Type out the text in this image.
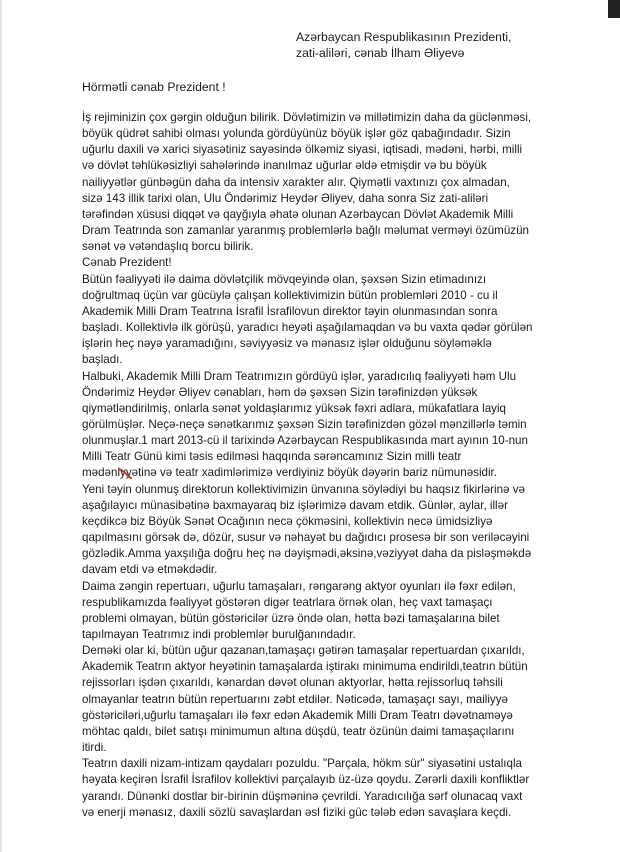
Azərbaycan Respublikasının Prezidenti,
zati-aliləri, cənab İlham Əliyevə
Hörmətli cənab Prezident !
İş rejiminizin çox gərgin olduğun bilirik. Dövlətimizin və millətimizin daha da güclənməsi,
böyük qüdrət sahibi olması yolunda gördüyünüz böyük işlər göz qabağındadır. Sizin
uğurlu daxili və xarici siyasətiniz sayəsində ölkəmiz siyasi, iqtisadi, mədəni, hərbi, milli
və dövlət təhlükəsizliyi sahələrində inanılmaz uğurlar əldə etmişdir və bu böyük
nailiyyətlər günbəgün daha da intensiv xarakter alır. Qiymətli vaxtınızı çox almadan,
sizə 143 illik tarixi olan, Ulu Öndərimiz Heydər Əliyev, daha sonra Siz zati-aliləri
tərəfindən xüsusi diqqət və qayğıyla əhatə olunan Azərbaycan Dövlət Akademik Milli
Dram Teatrında son zamanlar yaranmış problemlərlə bağlı məlumat verməyi özümüzün
sənət və vətəndaşlıq borcu bilirik.
Cənab Prezident!
Bütün fəaliyyəti ilə daima dövlətçilik mövqeyində olan, şəxsən Sizin etimadınızı
doğrultmaq üçün var gücüylə çalışan kollektivimizin bütün problemləri 2010 - cu il
Akademik Milli Dram Teatrına İsrafil İsrafilovun direktor təyin olunmasından sonra
başladı. Kollektivlə ilk görüşü, yaradıcı heyəti aşağılamaqdan və bu vaxta qədər görülən
işlərin heç nəyə yaramadığını, səviyyəsiz və mənasız işlər olduğunu söyləməklə
başladı.
Halbuki, Akademik Milli Dram Teatrımızın gördüyü işlər, yaradıcılıq fəaliyyəti həm Ulu
Öndərimiz Heydər Əliyev cənabları, həm də şəxsən Sizin tərəfinizdən yüksək
qiymətləndirilmiş, onlarla sənət yoldaşlarımız yüksək fəxri adlara, mükafatlara layiq
görülmüşlər. Neçə-neçə sənətkarımız şəxsən Sizin tərəfinizdən gözəl mənzillərlə təmin
olunmuşlar.1 mart 2013-cü il tarixində Azərbaycan Respublikasında mart ayının 10-nun
Milli Teatr Günü kimi təsis edilməsi haqqında sərəncamınız Sizin milli teatr
mədəniyyətinə və teatr xadimlərimizə verdiyiniz böyük dəyərin bariz nümunəsidir.
Yeni təyin olunmuş direktorun kollektivimizin ünvanına söylədiyi bu haqsız fikirlərinə və
aşağılayıcı münasibətinə baxmayaraq biz işlərimizə davam etdik. Günlər, aylar, illər
keçdikcə biz Böyük Sənət Ocağının necə çökməsini, kollektivin necə ümidsizliyə
qapılmasını görsək də, dözür, susur və nəhayət bu dağıdıcı prosesə bir son veriləcəyini
gözlədik.Amma yaxşılığa doğru heç nə dəyişmədi,əksinə,vəziyyət daha da pisləşməkdə
davam etdi və etməkdədir.
Daima zəngin repertuarı, uğurlu tamaşaları, rəngarəng aktyor oyunları ilə fəxr edilən,
respublikamızda fəaliyyət göstərən digər teatrlara örnək olan, heç vaxt tamaşaçı
problemi olmayan, bütün göstəricilər üzrə öndə olan, hətta bəzi tamaşalarına bilet
tapılmayan Teatrımız indi problemlər burulğanındadır.
Deməki olar ki, bütün uğur qazanan,tamaşaçı gətirən tamaşalar repertuardan çıxarıldı,
Akademik Teatrın aktyor heyətinin tamaşalarda iştirakı minimuma endirildi,teatrın bütün
rejissorları işdən çıxarıldı, kənardan dəvət olunan aktyorlar, hətta rejissorluq təhsili
olmayanlar teatrın bütün repertuarını zəbt etdilər. Nəticədə, tamaşaçı sayı, mailiyyə
göstəriciləri,uğurlu tamaşaları ilə fəxr edən Akademik Milli Dram Teatrı dəvətnaməyə
möhtac qaldı, bilet satışı minimumun altına düşdü, teatr özünün daimi tamaşaçılarını
itirdi.
Teatrın daxili nizam-intizam qaydaları pozuldu. "Parçala, hökm sür" siyasətini ustalıqla
həyata keçirən İsrafil İsrafilov kollektivi parçalayıb üz-üzə qoydu. Zərərli daxili konfliktlər
yarandı. Dünənki dostlar bir-birinin düşməninə çevrildi. Yaradıcılığa sərf olunacaq vaxt
və enerji mənasız, daxili sözlü savaşlardan əsl fiziki güc tələb edən savaşlara keçdi.
